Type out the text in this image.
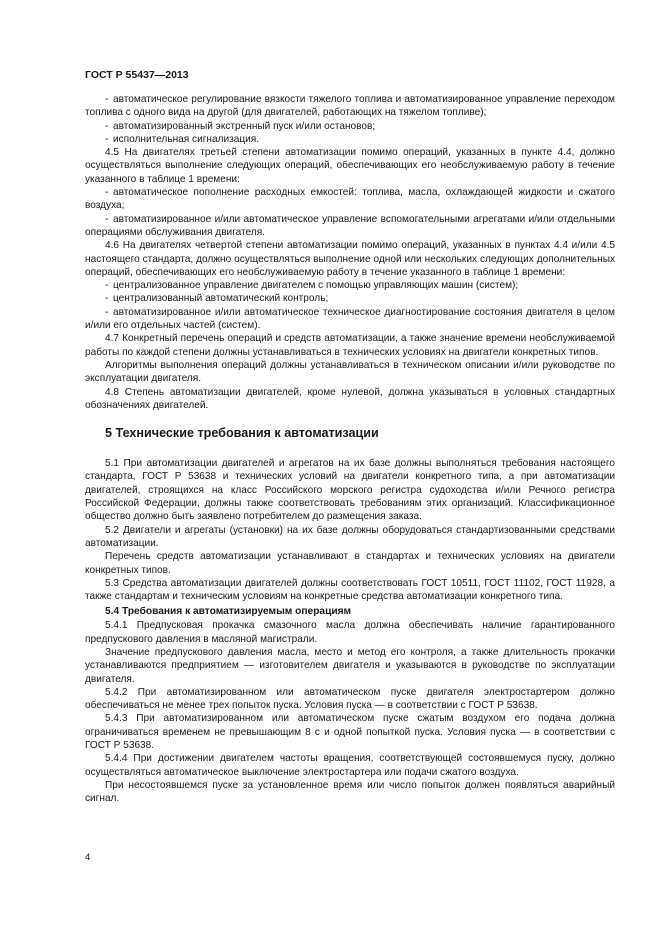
ГОСТ Р 55437—2013

- автоматическое регулирование вязкости тяжелого топлива и автоматизированное управление переходом топлива с одного вида на другой (для двигателей, работающих на тяжелом топливе);

- автоматизированный экстренный пуск и/или остановов;

- исполнительная сигнализация.

4.5 На двигателях третьей степени автоматизации помимо операций, указанных в пункте 4.4, должно осуществляться выполнение следующих операций, обеспечивающих его необслуживаемую работу в течение указанного в таблице 1 времени:

- автоматическое пополнение расходных емкостей: топлива, масла, охлаждающей жидкости и сжатого воздуха;

- автоматизированное и/или автоматическое управление вспомогательными агрегатами и/или отдельными операциями обслуживания двигателя.

4.6 На двигателях четвертой степени автоматизации помимо операций, указанных в пунктах 4.4 и/или 4.5 настоящего стандарта, должно осуществляться выполнение одной или нескольких следующих дополнительных операций, обеспечивающих его необслуживаемую работу в течение указанного в таблице 1 времени:

- централизованное управление двигателем с помощью управляющих машин (систем);

- централизованный автоматический контроль;

- автоматизированное и/или автоматическое техническое диагностирование состояния двигателя в целом и/или его отдельных частей (систем).

4.7 Конкретный перечень операций и средств автоматизации, а также значение времени необслуживаемой работы по каждой степени должны устанавливаться в технических условиях на двигатели конкретных типов.

Алгоритмы выполнения операций должны устанавливаться в техническом описании и/или руководстве по эксплуатации двигателя.

4.8 Степень автоматизации двигателей, кроме нулевой, должна указываться в условных стандартных обозначениях двигателей.

5 Технические требования к автоматизации

5.1 При автоматизации двигателей и агрегатов на их базе должны выполняться требования настоящего стандарта, ГОСТ Р 53638 и технических условий на двигатели конкретного типа, а при автоматизации двигателей, строящихся на класс Российского морского регистра судоходства и/или Речного регистра Российской Федерации, должны также соответствовать требованиям этих организаций. Классификационное общество должно быть заявлено потребителем до размещения заказа.

5.2 Двигатели и агрегаты (установки) на их базе должны оборудоваться стандартизованными средствами автоматизации.

Перечень средств автоматизации устанавливают в стандартах и технических условиях на двигатели конкретных типов.

5.3 Средства автоматизации двигателей должны соответствовать ГОСТ 10511, ГОСТ 11102, ГОСТ 11928, а также стандартам и техническим условиям на конкретные средства автоматизации конкретного типа.

5.4 Требования к автоматизируемым операциям

5.4.1 Предпусковая прокачка смазочного масла должна обеспечивать наличие гарантированного предпускового давления в масляной магистрали.

Значение предпускового давления масла, место и метод его контроля, а также длительность прокачки устанавливаются предприятием — изготовителем двигателя и указываются в руководстве по эксплуатации двигателя.

5.4.2 При автоматизированном или автоматическом пуске двигателя электростартером должно обеспечиваться не менее трех попыток пуска. Условия пуска — в соответствии с ГОСТ Р 53638.

5.4.3 При автоматизированном или автоматическом пуске сжатым воздухом его подача должна ограничиваться временем не превышающим 8 с и одной попыткой пуска. Условия пуска — в соответствии с ГОСТ Р 53638.

5.4.4 При достижении двигателем частоты вращения, соответствующей состоявшемуся пуску, должно осуществляться автоматическое выключение электростартера или подачи сжатого воздуха.

При несостоявшемся пуске за установленное время или число попыток должен появляться аварийный сигнал.

4
